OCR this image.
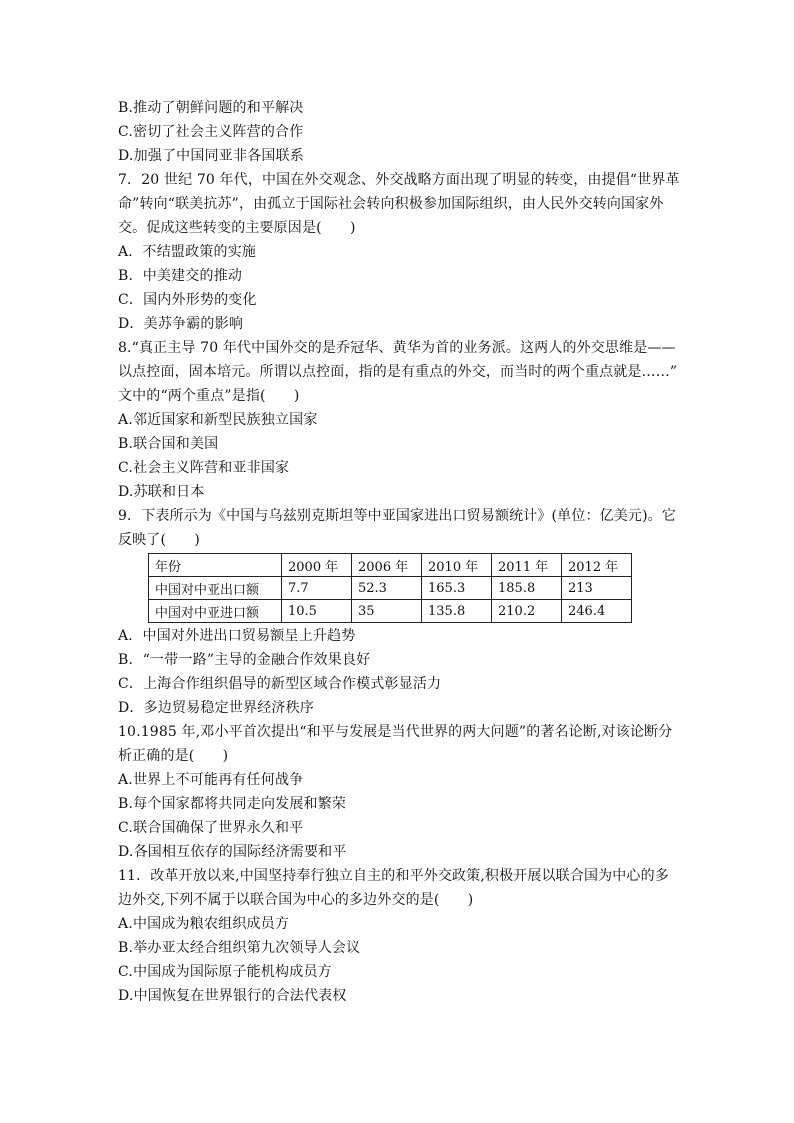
B.推动了朝鲜问题的和平解决
C.密切了社会主义阵营的合作
D.加强了中国同亚非各国联系
7．20 世纪 70 年代，中国在外交观念、外交战略方面出现了明显的转变，由提倡“世界革
命”转向“联美抗苏”，由孤立于国际社会转向积极参加国际组织，由人民外交转向国家外
交。促成这些转变的主要原因是(　　)
A．不结盟政策的实施
B．中美建交的推动
C．国内外形势的变化
D．美苏争霸的影响
8.“真正主导 70 年代中国外交的是乔冠华、黄华为首的业务派。这两人的外交思维是——
以点控面，固本培元。所谓以点控面，指的是有重点的外交，而当时的两个重点就是……”
文中的“两个重点”是指(　　)
A.邻近国家和新型民族独立国家
B.联合国和美国
C.社会主义阵营和亚非国家
D.苏联和日本
9．下表所示为《中国与乌兹别克斯坦等中亚国家进出口贸易额统计》(单位：亿美元)。它
反映了(　　)
年份	2000 年	2006 年	2010 年	2011 年	2012 年
中国对中亚出口额	7.7	52.3	165.3	185.8	213
中国对中亚进口额	10.5	35	135.8	210.2	246.4
A．中国对外进出口贸易额呈上升趋势
B．“一带一路”主导的金融合作效果良好
C．上海合作组织倡导的新型区域合作模式彰显活力
D．多边贸易稳定世界经济秩序
10.1985 年,邓小平首次提出“和平与发展是当代世界的两大问题”的著名论断,对该论断分
析正确的是(　　)
A.世界上不可能再有任何战争
B.每个国家都将共同走向发展和繁荣
C.联合国确保了世界永久和平
D.各国相互依存的国际经济需要和平
11．改革开放以来,中国坚持奉行独立自主的和平外交政策,积极开展以联合国为中心的多
边外交,下列不属于以联合国为中心的多边外交的是(　　)
A.中国成为粮农组织成员方
B.举办亚太经合组织第九次领导人会议
C.中国成为国际原子能机构成员方
D.中国恢复在世界银行的合法代表权
